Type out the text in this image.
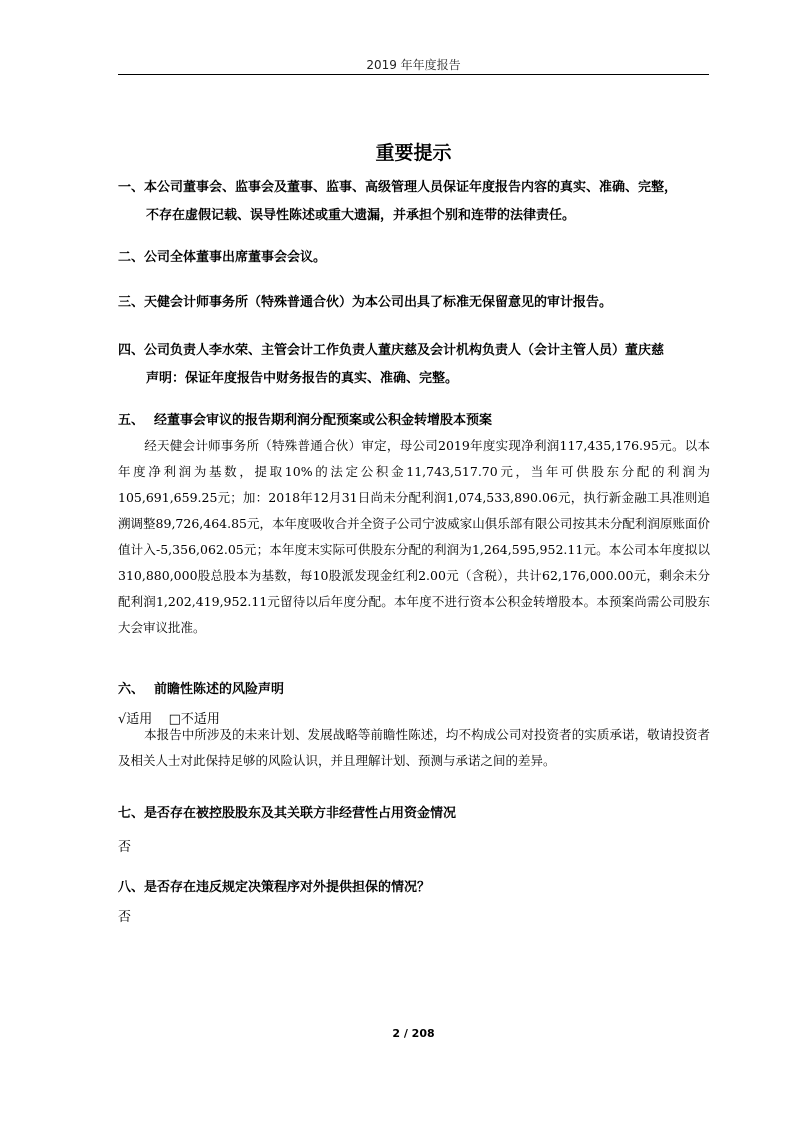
2019 年年度报告
重要提示
一、本公司董事会、监事会及董事、监事、高级管理人员保证年度报告内容的真实、准确、完整，
不存在虚假记载、误导性陈述或重大遗漏，并承担个别和连带的法律责任。
二、公司全体董事出席董事会会议。
三、天健会计师事务所（特殊普通合伙）为本公司出具了标准无保留意见的审计报告。
四、公司负责人李水荣、主管会计工作负责人董庆慈及会计机构负责人（会计主管人员）董庆慈
声明：保证年度报告中财务报告的真实、准确、完整。
五、 经董事会审议的报告期利润分配预案或公积金转增股本预案
经天健会计师事务所（特殊普通合伙）审定，母公司2019年度实现净利润117,435,176.95元。以本年度净利润为基数，提取10%的法定公积金11,743,517.70元，当年可供股东分配的利润为105,691,659.25元；加：2018年12月31日尚未分配利润1,074,533,890.06元，执行新金融工具准则追溯调整89,726,464.85元，本年度吸收合并全资子公司宁波威家山俱乐部有限公司按其未分配利润原账面价值计入-5,356,062.05元；本年度末实际可供股东分配的利润为1,264,595,952.11元。本公司本年度拟以310,880,000股总股本为基数，每10股派发现金红利2.00元（含税），共计62,176,000.00元，剩余未分配利润1,202,419,952.11元留待以后年度分配。本年度不进行资本公积金转增股本。本预案尚需公司股东大会审议批准。
六、 前瞻性陈述的风险声明
√适用 □不适用
本报告中所涉及的未来计划、发展战略等前瞻性陈述，均不构成公司对投资者的实质承诺，敬请投资者及相关人士对此保持足够的风险认识，并且理解计划、预测与承诺之间的差异。
七、是否存在被控股股东及其关联方非经营性占用资金情况
否
八、是否存在违反规定决策程序对外提供担保的情况？
否
2 / 208
